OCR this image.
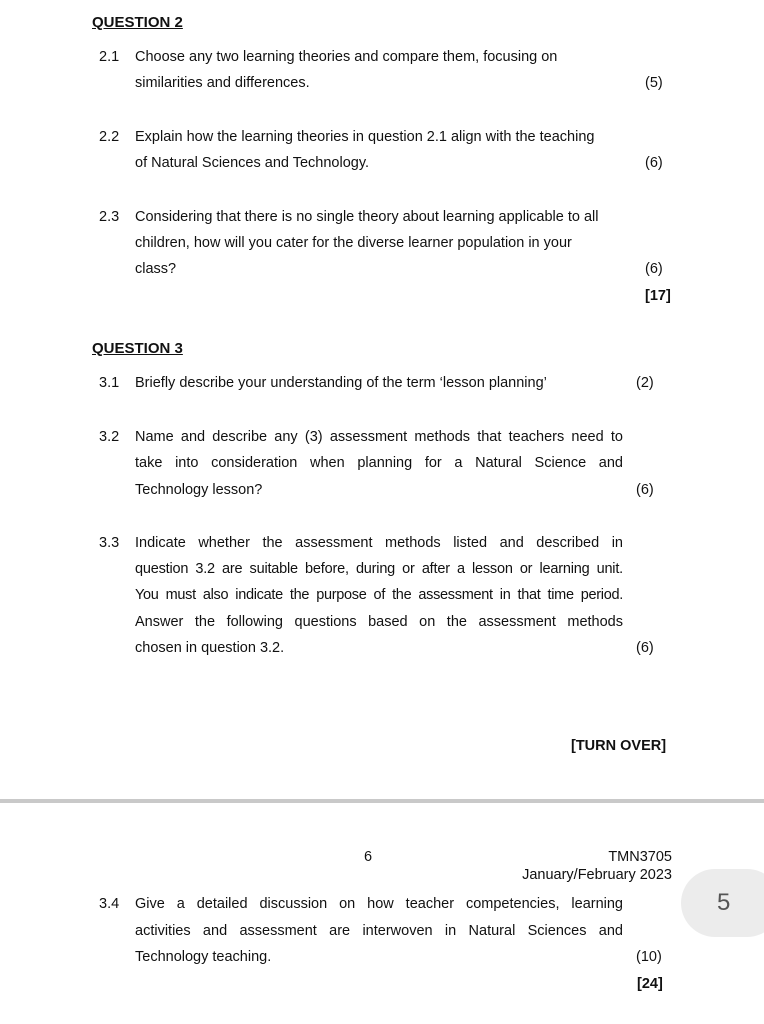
QUESTION 2
2.1 Choose any two learning theories and compare them, focusing on
similarities and differences.	(5)
2.2 Explain how the learning theories in question 2.1 align with the teaching
of Natural Sciences and Technology.	(6)
2.3 Considering that there is no single theory about learning applicable to all
children, how will you cater for the diverse learner population in your
class?	(6)
[17]
QUESTION 3
3.1 Briefly describe your understanding of the term ‘lesson planning’	(2)
3.2 Name and describe any (3) assessment methods that teachers need to
take into consideration when planning for a Natural Science and
Technology lesson?	(6)
3.3 Indicate whether the assessment methods listed and described in
question 3.2 are suitable before, during or after a lesson or learning unit.
You must also indicate the purpose of the assessment in that time period.
Answer the following questions based on the assessment methods
chosen in question 3.2.	(6)
[TURN OVER]
6	TMN3705
January/February 2023
3.4 Give a detailed discussion on how teacher competencies, learning
activities and assessment are interwoven in Natural Sciences and
Technology teaching.	(10)
[24]
5
